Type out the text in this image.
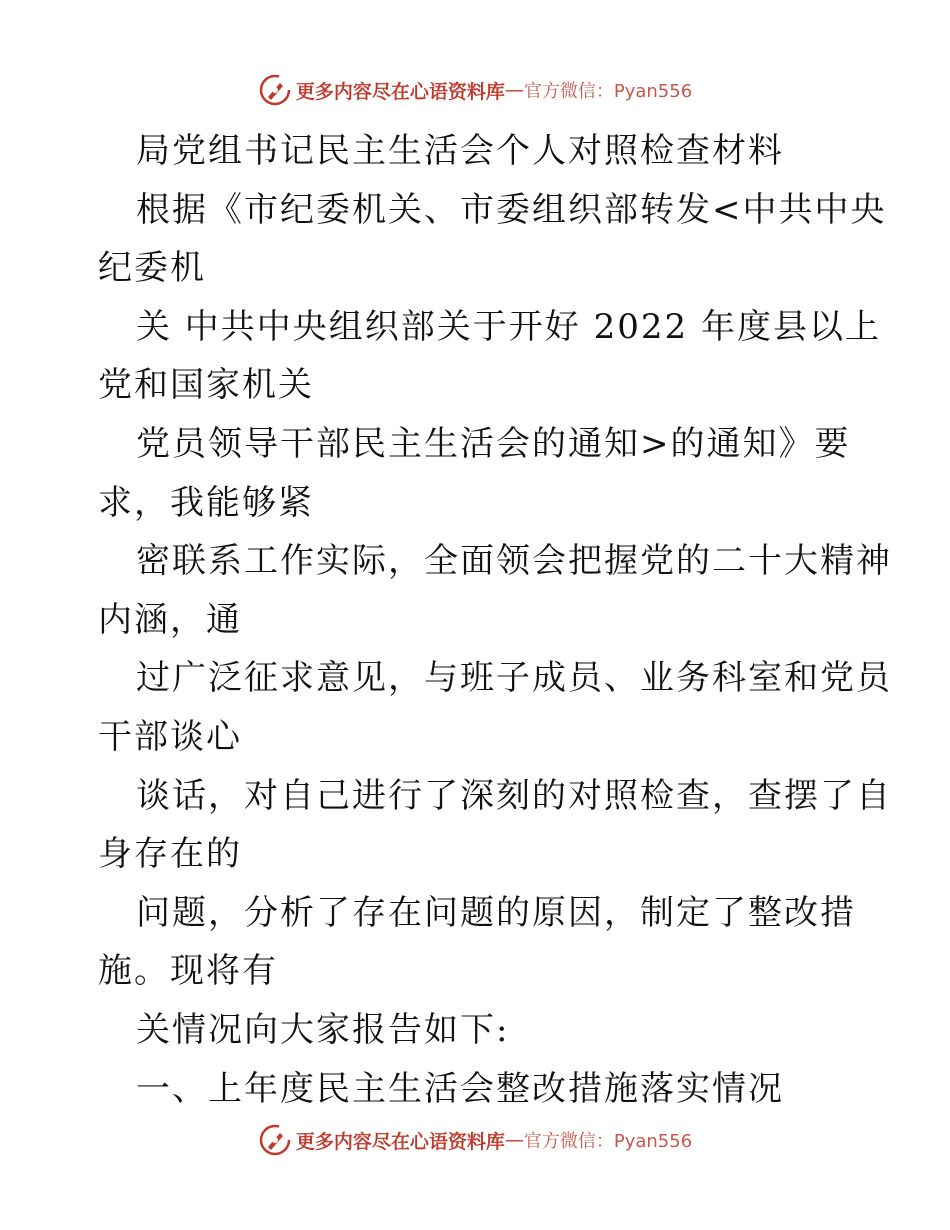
更多内容尽在心语资料库 — 官方微信：Pyan556
局党组书记民主生活会个人对照检查材料
根据《市纪委机关、市委组织部转发<中共中央
纪委机
关 中共中央组织部关于开好 2022 年度县以上
党和国家机关
党员领导干部民主生活会的通知>的通知》要
求，我能够紧
密联系工作实际，全面领会把握党的二十大精神
内涵，通
过广泛征求意见，与班子成员、业务科室和党员
干部谈心
谈话，对自己进行了深刻的对照检查，查摆了自
身存在的
问题，分析了存在问题的原因，制定了整改措
施。现将有
关情况向大家报告如下:
一、上年度民主生活会整改措施落实情况
更多内容尽在心语资料库 — 官方微信：Pyan556
